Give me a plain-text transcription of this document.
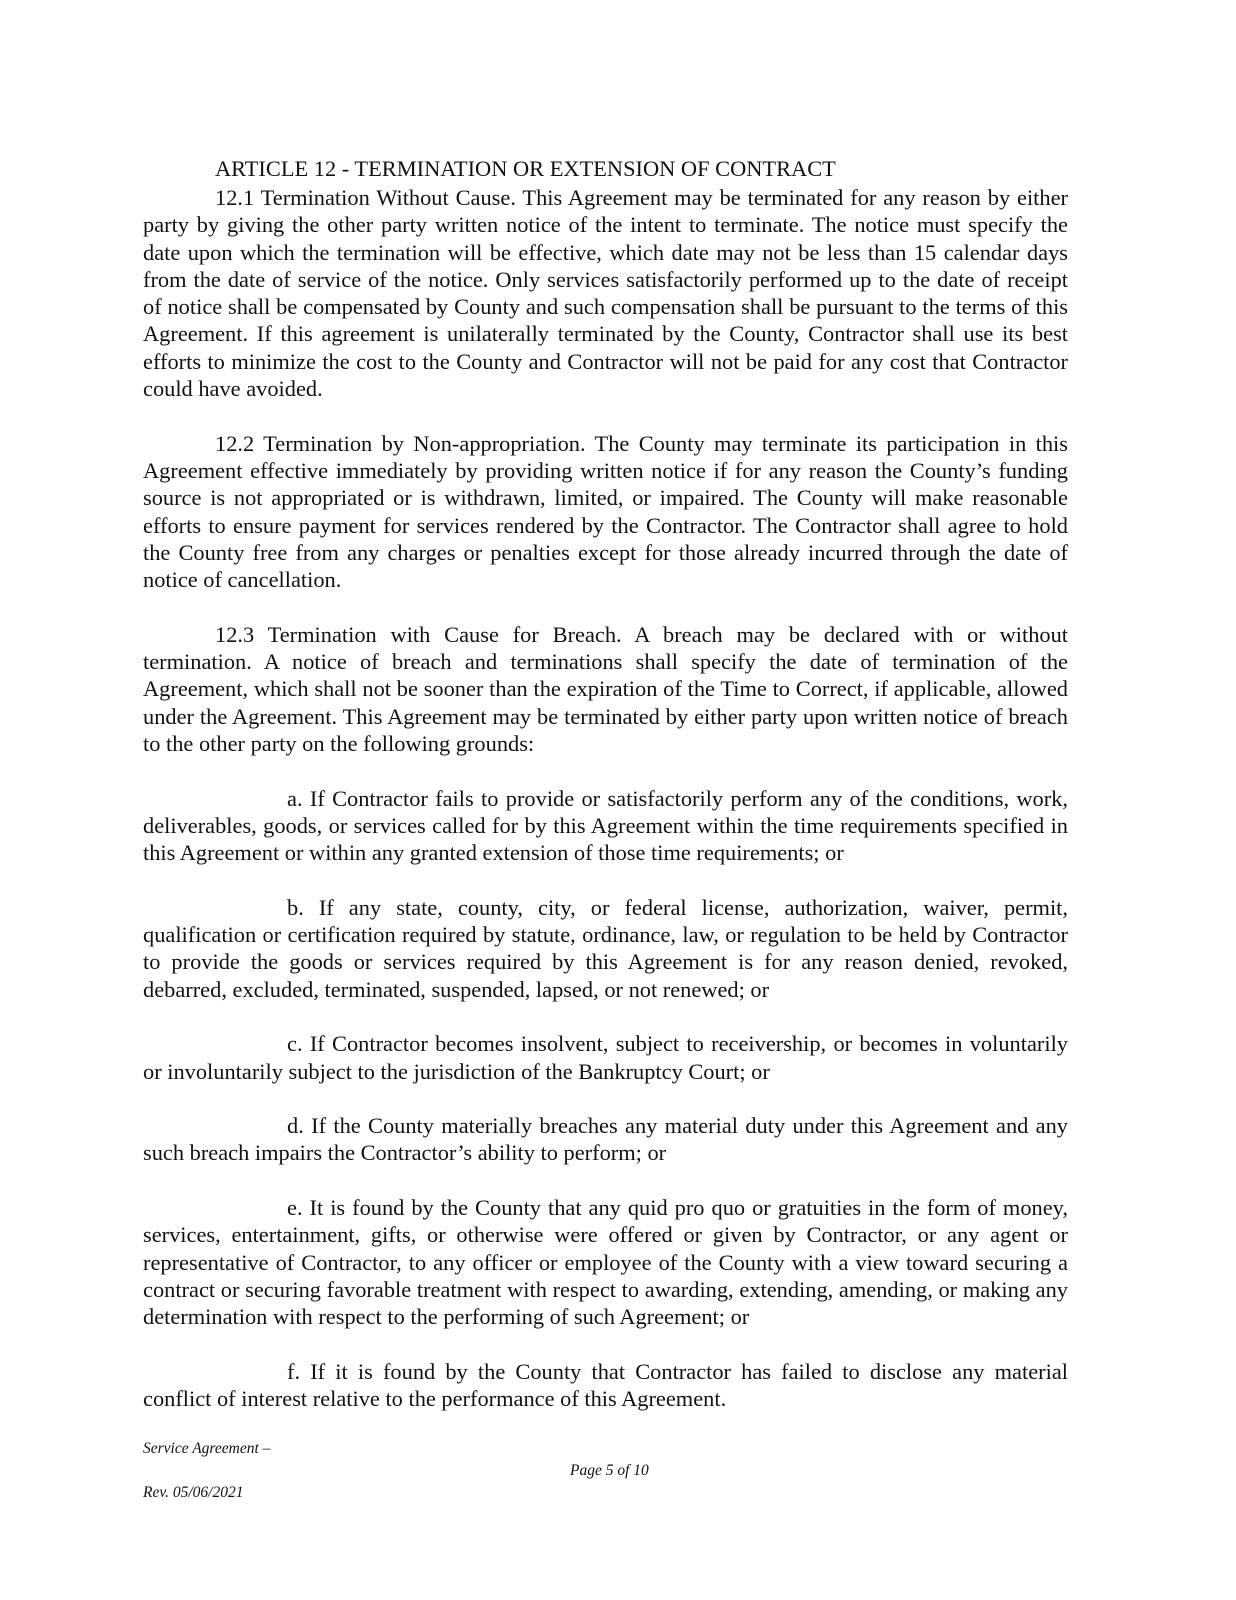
ARTICLE 12 - TERMINATION OR EXTENSION OF CONTRACT

12.1 Termination Without Cause. This Agreement may be terminated for any reason by either party by giving the other party written notice of the intent to terminate. The notice must specify the date upon which the termination will be effective, which date may not be less than 15 calendar days from the date of service of the notice. Only services satisfactorily performed up to the date of receipt of notice shall be compensated by County and such compensation shall be pursuant to the terms of this Agreement. If this agreement is unilaterally terminated by the County, Contractor shall use its best efforts to minimize the cost to the County and Contractor will not be paid for any cost that Contractor could have avoided.

12.2 Termination by Non-appropriation. The County may terminate its participation in this Agreement effective immediately by providing written notice if for any reason the County’s funding source is not appropriated or is withdrawn, limited, or impaired. The County will make reasonable efforts to ensure payment for services rendered by the Contractor. The Contractor shall agree to hold the County free from any charges or penalties except for those already incurred through the date of notice of cancellation.

12.3 Termination with Cause for Breach. A breach may be declared with or without termination. A notice of breach and terminations shall specify the date of termination of the Agreement, which shall not be sooner than the expiration of the Time to Correct, if applicable, allowed under the Agreement. This Agreement may be terminated by either party upon written notice of breach to the other party on the following grounds:

a. If Contractor fails to provide or satisfactorily perform any of the conditions, work, deliverables, goods, or services called for by this Agreement within the time requirements specified in this Agreement or within any granted extension of those time requirements; or

b. If any state, county, city, or federal license, authorization, waiver, permit, qualification or certification required by statute, ordinance, law, or regulation to be held by Contractor to provide the goods or services required by this Agreement is for any reason denied, revoked, debarred, excluded, terminated, suspended, lapsed, or not renewed; or

c. If Contractor becomes insolvent, subject to receivership, or becomes in voluntarily or involuntarily subject to the jurisdiction of the Bankruptcy Court; or

d. If the County materially breaches any material duty under this Agreement and any such breach impairs the Contractor’s ability to perform; or

e. It is found by the County that any quid pro quo or gratuities in the form of money, services, entertainment, gifts, or otherwise were offered or given by Contractor, or any agent or representative of Contractor, to any officer or employee of the County with a view toward securing a contract or securing favorable treatment with respect to awarding, extending, amending, or making any determination with respect to the performing of such Agreement; or

f. If it is found by the County that Contractor has failed to disclose any material conflict of interest relative to the performance of this Agreement.

Service Agreement –
Page 5 of 10
Rev. 05/06/2021
